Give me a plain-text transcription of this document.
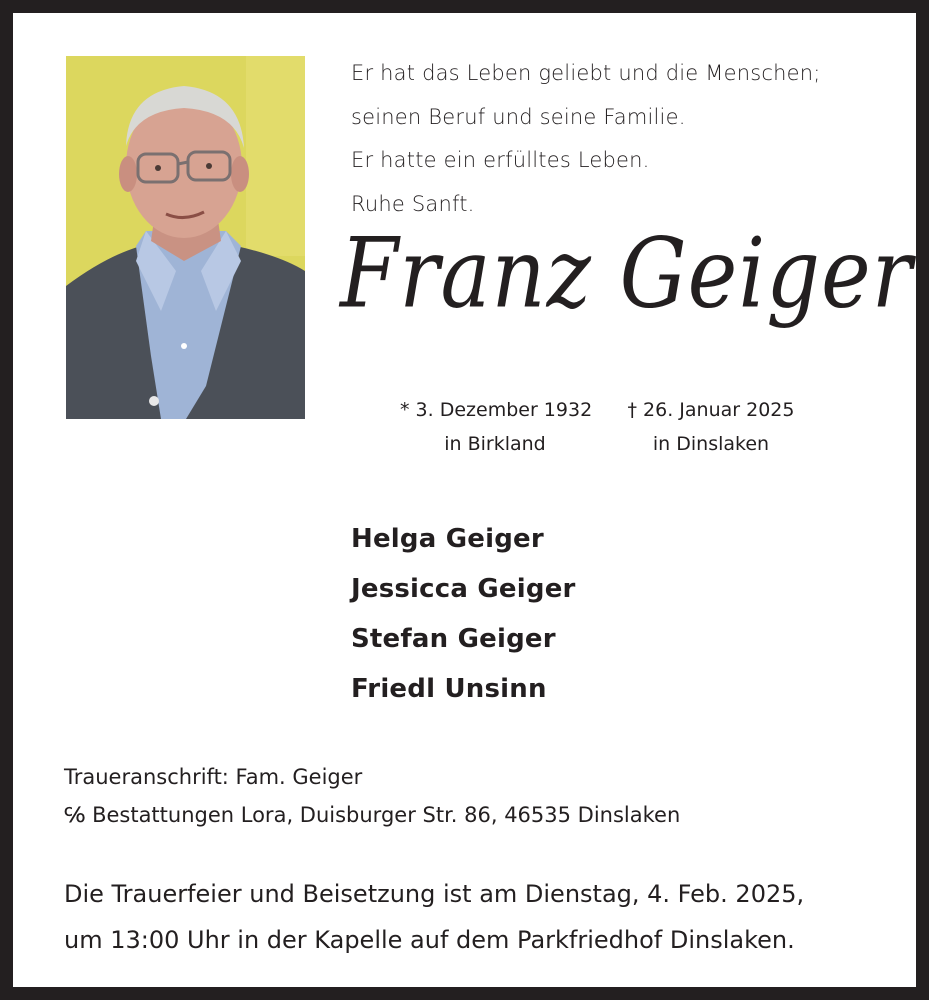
Er hat das Leben geliebt und die Menschen;
seinen Beruf und seine Familie.
Er hatte ein erfülltes Leben.
Ruhe Sanft.
Franz Geiger
* 3. Dezember 1932
in Birkland
† 26. Januar 2025
in Dinslaken
Helga Geiger
Jessicca Geiger
Stefan Geiger
Friedl Unsinn
Traueranschrift: Fam. Geiger
℅ Bestattungen Lora, Duisburger Str. 86, 46535 Dinslaken
Die Trauerfeier und Beisetzung ist am Dienstag, 4. Feb. 2025,
um 13:00 Uhr in der Kapelle auf dem Parkfriedhof Dinslaken.
